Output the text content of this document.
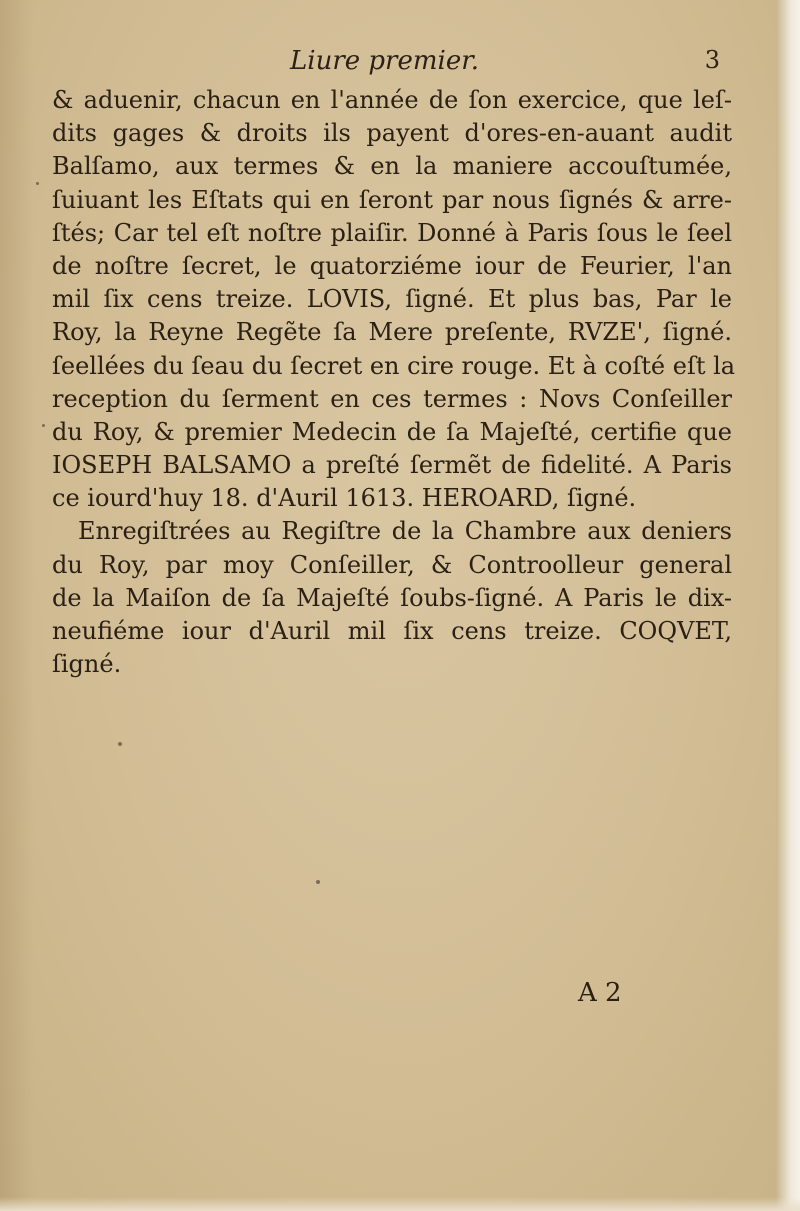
Liure premier.	3
& aduenir, chacun en l'année de ſon exercice, que leſ-
dits gages & droits ils payent d'ores-en-auant audit
Balſamo, aux termes & en la maniere accouſtumée,
ſuiuant les Eſtats qui en ſeront par nous ſignés & arre-
ſtés; Car tel eſt noſtre plaiſir. Donné à Paris ſous le ſeel
de noſtre ſecret, le quatorziéme iour de Feurier, l'an
mil ſix cens treize. LOVIS, ſigné. Et plus bas, Par le
Roy, la Reyne Regẽte ſa Mere preſente, RVZE', ſigné.
ſeellées du ſeau du ſecret en cire rouge. Et à coſté eſt la
reception du ſerment en ces termes : Novs Conſeiller
du Roy, & premier Medecin de ſa Majeſté, certifie que
IOSEPH BALSAMO a preſté ſermẽt de fidelité. A Paris
ce iourd'huy 18. d'Auril 1613. HEROARD, ſigné.
Enregiſtrées au Regiſtre de la Chambre aux deniers
du Roy, par moy Conſeiller, & Controolleur general
de la Maiſon de ſa Majeſté ſoubs-ſigné. A Paris le dix-
neufiéme iour d'Auril mil ſix cens treize. COQVET,
ſigné.
A 2
